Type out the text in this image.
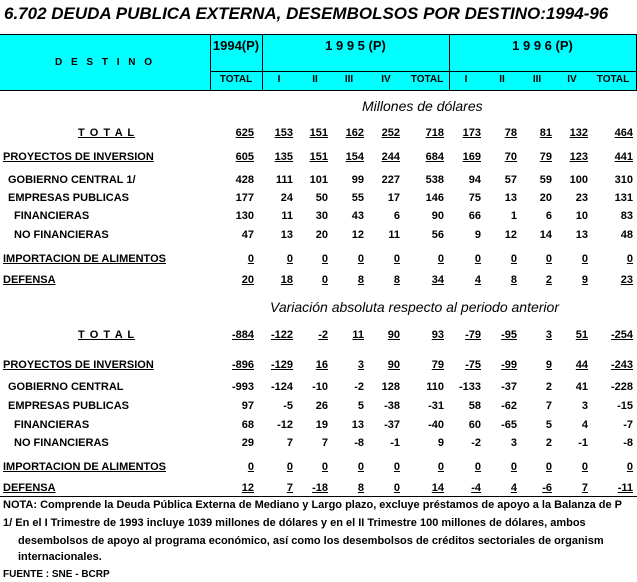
6.702 DEUDA PUBLICA EXTERNA, DESEMBOLSOS POR DESTINO:1994-96
D E S T I N O
1994(P)	1 9 9 5 (P)	1 9 9 6 (P)
TOTAL	I	II	III	IV	TOTAL	I	II	III	IV	TOTAL
Millones de dólares
T O T A L	625	153	151	162	252	718	173	78	81	132	464
PROYECTOS DE INVERSION	605	135	151	154	244	684	169	70	79	123	441
GOBIERNO CENTRAL 1/	428	111	101	99	227	538	94	57	59	100	310
EMPRESAS PUBLICAS	177	24	50	55	17	146	75	13	20	23	131
FINANCIERAS	130	11	30	43	6	90	66	1	6	10	83
NO FINANCIERAS	47	13	20	12	11	56	9	12	14	13	48
IMPORTACION DE ALIMENTOS	0	0	0	0	0	0	0	0	0	0	0
DEFENSA	20	18	0	8	8	34	4	8	2	9	23
Variación absoluta respecto al periodo anterior
T O T A L	-884	-122	-2	11	90	93	-79	-95	3	51	-254
PROYECTOS DE INVERSION	-896	-129	16	3	90	79	-75	-99	9	44	-243
GOBIERNO CENTRAL	-993	-124	-10	-2	128	110	-133	-37	2	41	-228
EMPRESAS PUBLICAS	97	-5	26	5	-38	-31	58	-62	7	3	-15
FINANCIERAS	68	-12	19	13	-37	-40	60	-65	5	4	-7
NO FINANCIERAS	29	7	7	-8	-1	9	-2	3	2	-1	-8
IMPORTACION DE ALIMENTOS	0	0	0	0	0	0	0	0	0	0	0
DEFENSA	12	7	-18	8	0	14	-4	4	-6	7	-11
NOTA: Comprende la Deuda Pública Externa de Mediano y Largo plazo, excluye préstamos de apoyo a la Balanza de P
1/ En el I Trimestre de 1993 incluye 1039 millones de dólares y en el II Trimestre 100 millones de dólares, ambos
desembolsos de apoyo al programa económico, así como los desembolsos de créditos sectoriales de organism
internacionales.
FUENTE : SNE - BCRP
